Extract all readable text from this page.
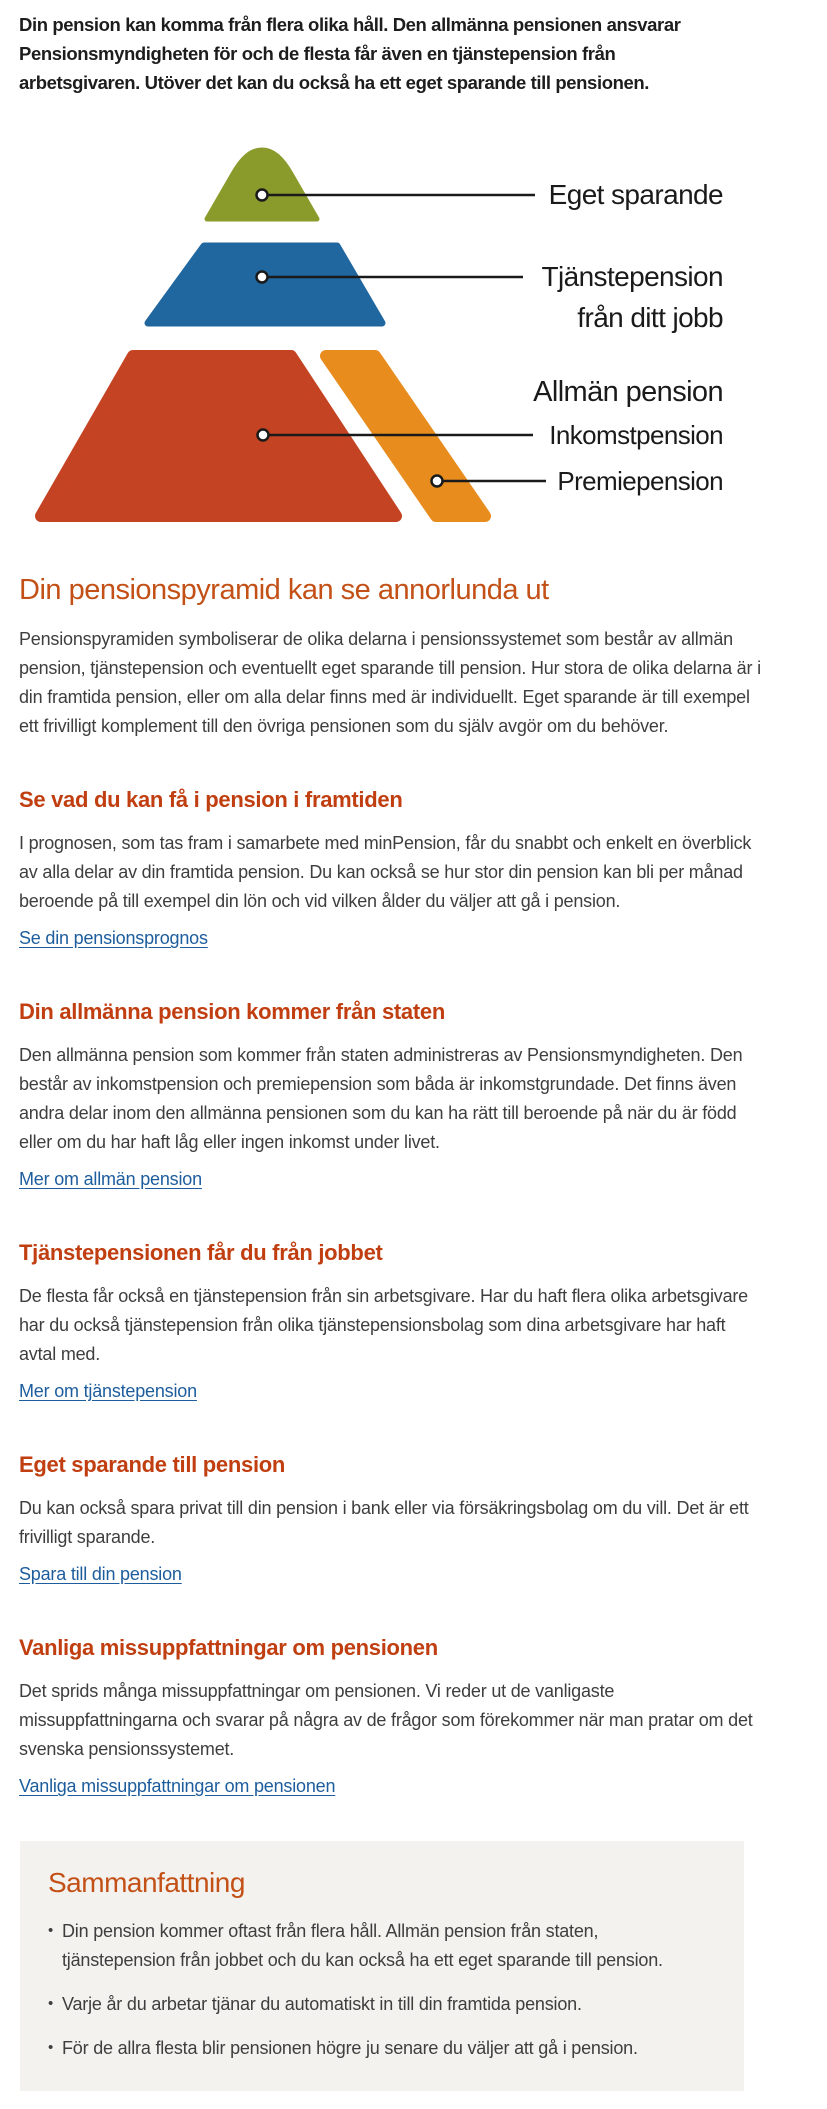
Din pension kan komma från flera olika håll. Den allmänna pensionen ansvarar Pensionsmyndigheten för och de flesta får även en tjänstepension från arbetsgivaren. Utöver det kan du också ha ett eget sparande till pensionen.

Eget sparande
Tjänstepension
från ditt jobb
Allmän pension
Inkomstpension
Premiepension
Din pensionspyramid kan se annorlunda ut

Pensionspyramiden symboliserar de olika delarna i pensionssystemet som består av allmän pension, tjänstepension och eventuellt eget sparande till pension. Hur stora de olika delarna är i din framtida pension, eller om alla delar finns med är individuellt. Eget sparande är till exempel ett frivilligt komplement till den övriga pensionen som du själv avgör om du behöver.

Se vad du kan få i pension i framtiden

I prognosen, som tas fram i samarbete med minPension, får du snabbt och enkelt en överblick av alla delar av din framtida pension. Du kan också se hur stor din pension kan bli per månad beroende på till exempel din lön och vid vilken ålder du väljer att gå i pension.

Se din pensionsprognos
Din allmänna pension kommer från staten

Den allmänna pension som kommer från staten administreras av Pensionsmyndigheten. Den består av inkomstpension och premiepension som båda är inkomstgrundade. Det finns även andra delar inom den allmänna pensionen som du kan ha rätt till beroende på när du är född eller om du har haft låg eller ingen inkomst under livet.

Mer om allmän pension
Tjänstepensionen får du från jobbet

De flesta får också en tjänstepension från sin arbetsgivare. Har du haft flera olika arbetsgivare har du också tjänstepension från olika tjänstepensionsbolag som dina arbetsgivare har haft avtal med.

Mer om tjänstepension
Eget sparande till pension

Du kan också spara privat till din pension i bank eller via försäkringsbolag om du vill. Det är ett frivilligt sparande.

Spara till din pension
Vanliga missuppfattningar om pensionen

Det sprids många missuppfattningar om pensionen. Vi reder ut de vanligaste missuppfattningarna och svarar på några av de frågor som förekommer när man pratar om det svenska pensionssystemet.

Vanliga missuppfattningar om pensionen
Sammanfattning
• Din pension kommer oftast från flera håll. Allmän pension från staten, tjänstepension från jobbet och du kan också ha ett eget sparande till pension.
• Varje år du arbetar tjänar du automatiskt in till din framtida pension.
• För de allra flesta blir pensionen högre ju senare du väljer att gå i pension.
